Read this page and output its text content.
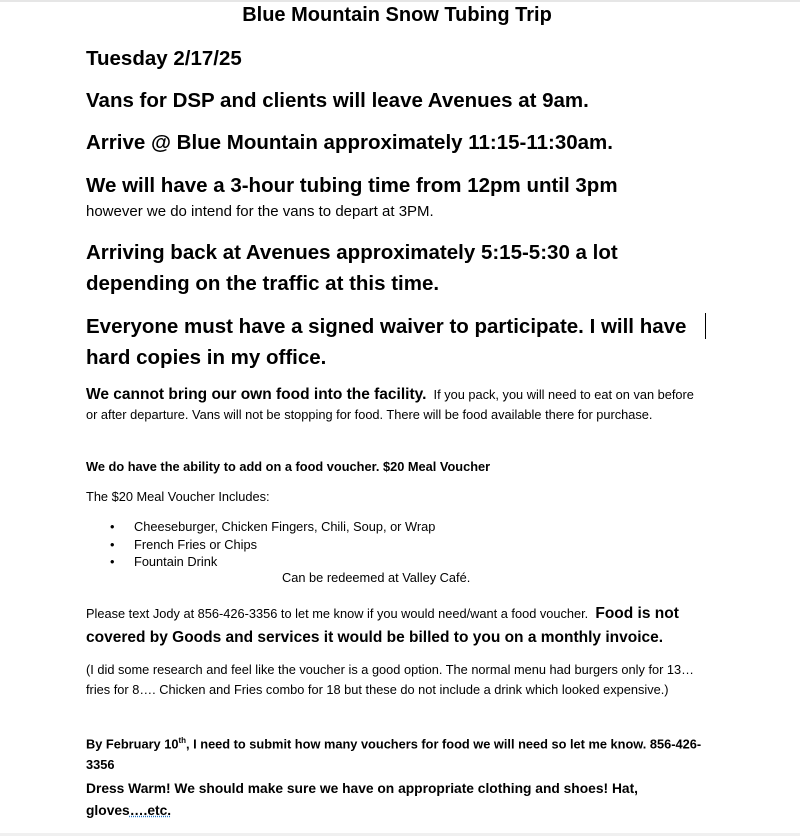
Blue Mountain Snow Tubing Trip
Tuesday 2/17/25
Vans for DSP and clients will leave Avenues at 9am.
Arrive @ Blue Mountain approximately 11:15-11:30am.
We will have a 3-hour tubing time from 12pm until 3pm
however we do intend for the vans to depart at 3PM.
Arriving back at Avenues approximately 5:15-5:30 a lot
depending on the traffic at this time.
Everyone must have a signed waiver to participate. I will have
hard copies in my office.

We cannot bring our own food into the facility. If you pack, you will need to eat on van before or after departure. Vans will not be stopping for food. There will be food available there for purchase.

We do have the ability to add on a food voucher. $20 Meal Voucher

The $20 Meal Voucher Includes:

• Cheeseburger, Chicken Fingers, Chili, Soup, or Wrap
• French Fries or Chips
• Fountain Drink

Can be redeemed at Valley Café.

Please text Jody at 856-426-3356 to let me know if you would need/want a food voucher. Food is not covered by Goods and services it would be billed to you on a monthly invoice.

(I did some research and feel like the voucher is a good option. The normal menu had burgers only for 13… fries for 8…. Chicken and Fries combo for 18 but these do not include a drink which looked expensive.)

By February 10th, I need to submit how many vouchers for food we will need so let me know. 856-426-3356

Dress Warm! We should make sure we have on appropriate clothing and shoes! Hat, gloves….etc.
